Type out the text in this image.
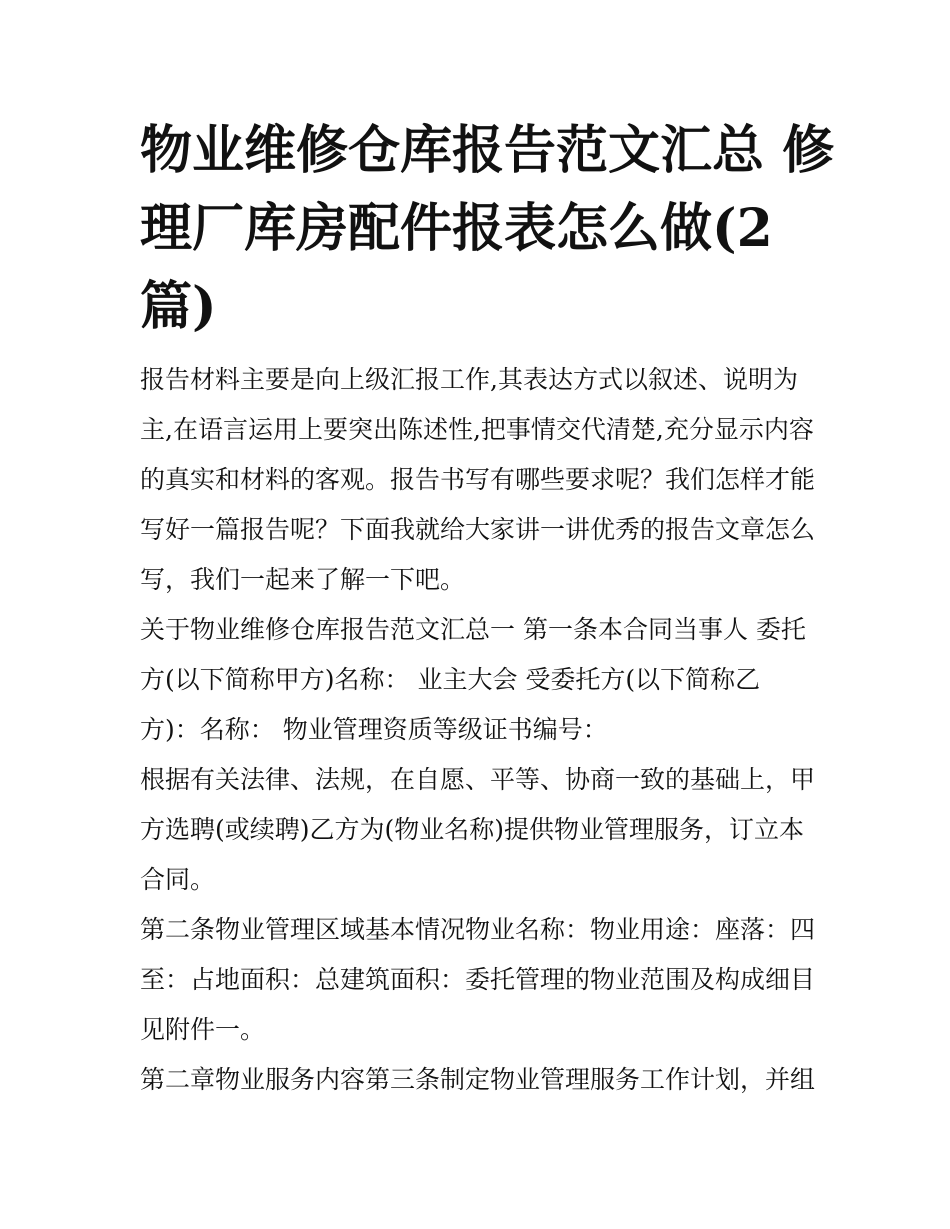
物业维修仓库报告范文汇总 修
理厂库房配件报表怎么做(2
篇)

报告材料主要是向上级汇报工作,其表达方式以叙述、说明为
主,在语言运用上要突出陈述性,把事情交代清楚,充分显示内容
的真实和材料的客观。报告书写有哪些要求呢？我们怎样才能
写好一篇报告呢？下面我就给大家讲一讲优秀的报告文章怎么
写，我们一起来了解一下吧。

关于物业维修仓库报告范文汇总一 第一条本合同当事人 委托
方(以下简称甲方)名称： 业主大会 受委托方(以下简称乙
方)：名称： 物业管理资质等级证书编号：

根据有关法律、法规，在自愿、平等、协商一致的基础上，甲
方选聘(或续聘)乙方为(物业名称)提供物业管理服务，订立本
合同。

第二条物业管理区域基本情况物业名称：物业用途：座落：四
至：占地面积：总建筑面积：委托管理的物业范围及构成细目
见附件一。

第二章物业服务内容第三条制定物业管理服务工作计划，并组
